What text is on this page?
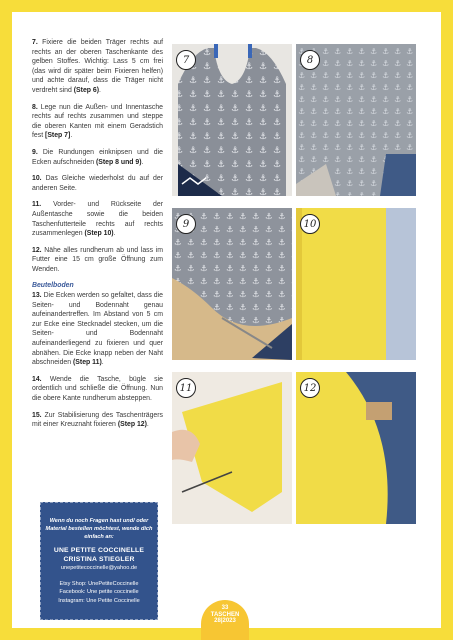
7. Fixiere die beiden Träger rechts auf rechts an der oberen Taschenkante des gelben Stoffes. Wichtig: Lass 5 cm frei (das wird dir später beim Fixieren helfen) und achte darauf, dass die Träger nicht verdreht sind (Step 6).

8. Lege nun die Außen- und Innentasche rechts auf rechts zusammen und steppe die oberen Kanten mit einem Geradstich fest [Step 7].

9. Die Rundungen einknipsen und die Ecken aufschneiden (Step 8 und 9).

10. Das Gleiche wiederholst du auf der anderen Seite.

11. Vorder- und Rückseite der Außentasche sowie die beiden Taschenfutterteile rechts auf rechts zusammenlegen (Step 10).

12. Nähe alles rundherum ab und lass im Futter eine 15 cm große Öffnung zum Wenden.

Beutelboden

13. Die Ecken werden so gefaltet, dass die Seiten- und Bodennaht genau aufeinandertreffen. Im Abstand von 5 cm zur Ecke eine Stecknadel stecken, um die Seiten- und Bodennaht aufeinanderliegend zu fixieren und quer abnähen. Die Ecke knapp neben der Naht abschneiden (Step 11).

14. Wende die Tasche, bügle sie ordentlich und schließe die Öffnung. Nun die obere Kante rundherum absteppen.

15. Zur Stabilisierung des Taschenträgers mit einer Kreuznaht fixieren (Step 12).

Wenn du noch Fragen hast und/ oder Material bestellen möchtest, wende dich einfach an:
UNE PETITE COCCINELLE
CRISTINA STIEGLER
unepetitecoccinelle@yahoo.de
Etsy Shop: UnePetiteCoccinelle
Facebook: Une petite coccinelle
Instagram: Une Petite Coccinelle
✂
7	8
9	10
11	12
33
TASCHEN
28|2023
